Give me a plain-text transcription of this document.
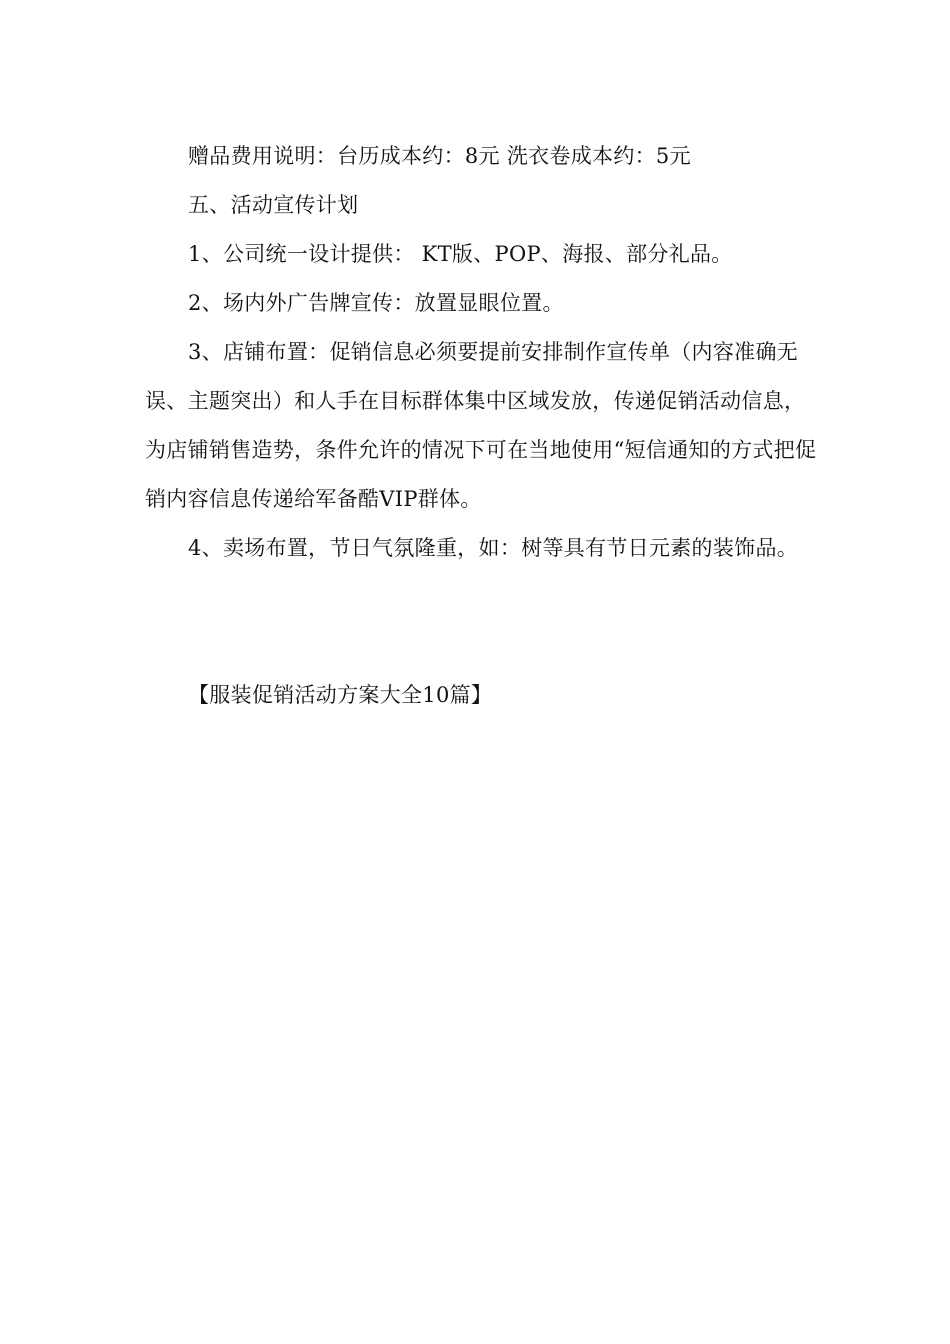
赠品费用说明：台历成本约：8元 洗衣卷成本约：5元

五、活动宣传计划

1、公司统一设计提供： KT版、POP、海报、部分礼品。

2、场内外广告牌宣传：放置显眼位置。

3、店铺布置：促销信息必须要提前安排制作宣传单（内容准确无误、主题突出）和人手在目标群体集中区域发放，传递促销活动信息，为店铺销售造势，条件允许的情况下可在当地使用“短信通知的方式把促销内容信息传递给军备酷VIP群体。

4、卖场布置，节日气氛隆重，如：树等具有节日元素的装饰品。

【服装促销活动方案大全10篇】
